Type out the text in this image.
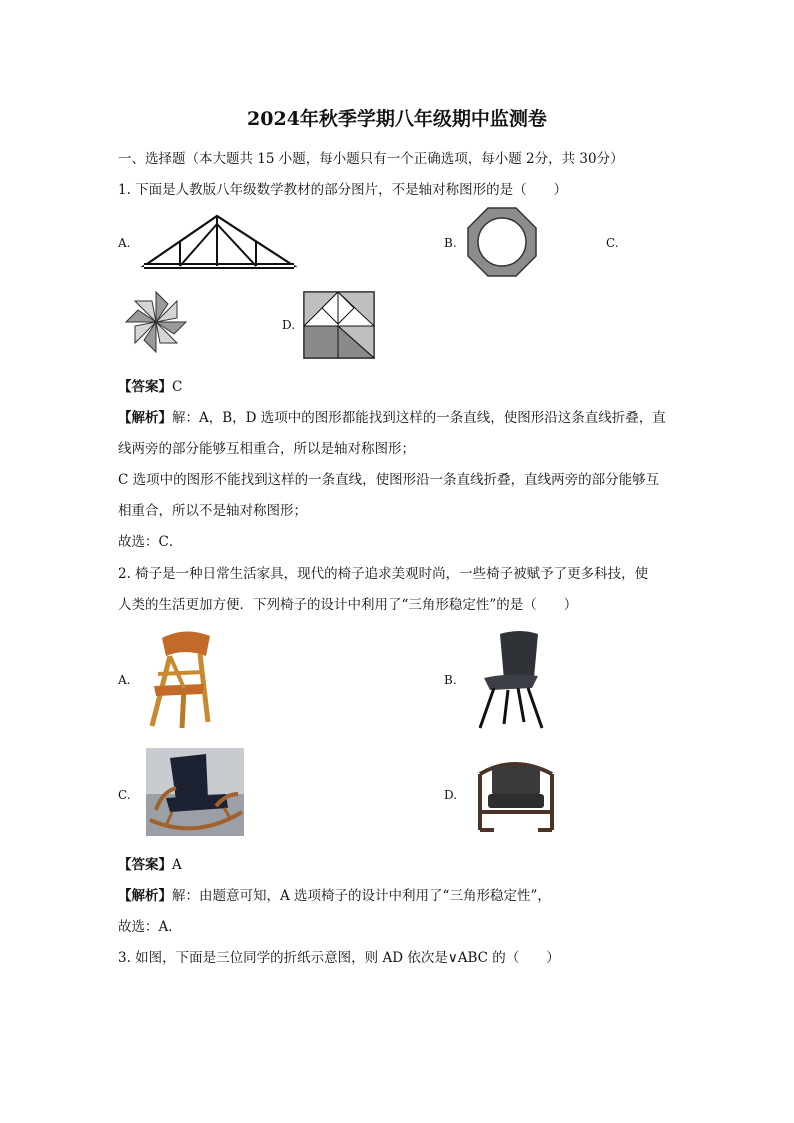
2024年秋季学期八年级期中监测卷
一、选择题（本大题共 15 小题，每小题只有一个正确选项，每小题 2分，共 30分）
1. 下面是人教版八年级数学教材的部分图片，不是轴对称图形的是（　　）
A.	B.	C.
D.
【答案】C
【解析】解：A，B，D 选项中的图形都能找到这样的一条直线，使图形沿这条直线折叠，直
线两旁的部分能够互相重合，所以是轴对称图形；
C 选项中的图形不能找到这样的一条直线，使图形沿一条直线折叠，直线两旁的部分能够互
相重合，所以不是轴对称图形；
故选：C．
2. 椅子是一种日常生活家具，现代的椅子追求美观时尚，一些椅子被赋予了更多科技，使
人类的生活更加方便．下列椅子的设计中利用了“三角形稳定性”的是（　　）
A.	B.
C.	D.
【答案】A
【解析】解：由题意可知，A 选项椅子的设计中利用了“三角形稳定性”，
故选：A．
3. 如图，下面是三位同学的折纸示意图，则 AD 依次是∨ABC 的（　　）
